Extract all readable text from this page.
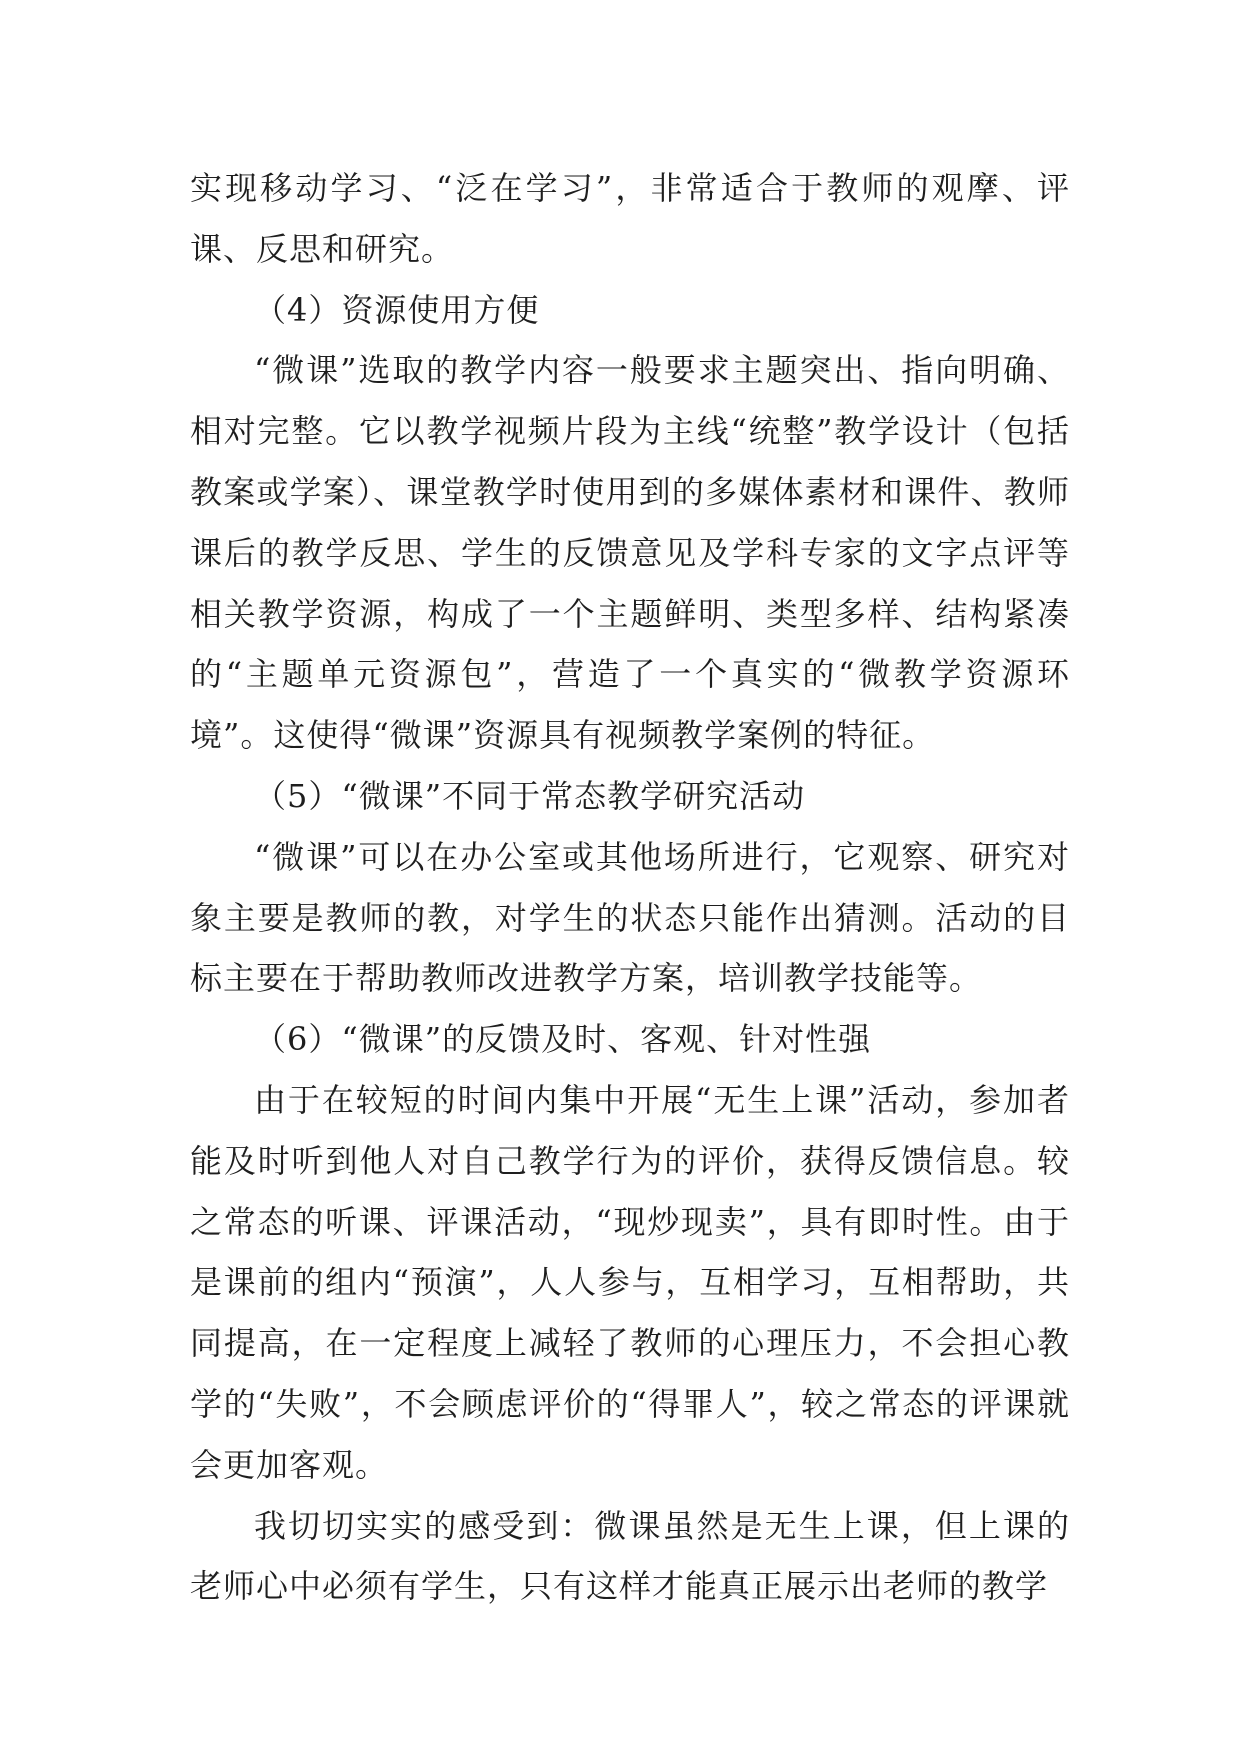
实现移动学习、“泛在学习”，非常适合于教师的观摩、评课、反思和研究。

（4）资源使用方便

“微课”选取的教学内容一般要求主题突出、指向明确、相对完整。它以教学视频片段为主线“统整”教学设计（包括教案或学案）、课堂教学时使用到的多媒体素材和课件、教师课后的教学反思、学生的反馈意见及学科专家的文字点评等相关教学资源，构成了一个主题鲜明、类型多样、结构紧凑的“主题单元资源包”，营造了一个真实的“微教学资源环境”。这使得“微课”资源具有视频教学案例的特征。

（5）“微课”不同于常态教学研究活动

“微课”可以在办公室或其他场所进行，它观察、研究对象主要是教师的教，对学生的状态只能作出猜测。活动的目标主要在于帮助教师改进教学方案，培训教学技能等。

（6）“微课”的反馈及时、客观、针对性强

由于在较短的时间内集中开展“无生上课”活动，参加者能及时听到他人对自己教学行为的评价，获得反馈信息。较之常态的听课、评课活动，“现炒现卖”，具有即时性。由于是课前的组内“预演”，人人参与，互相学习，互相帮助，共同提高，在一定程度上减轻了教师的心理压力，不会担心教学的“失败”，不会顾虑评价的“得罪人”，较之常态的评课就会更加客观。

我切切实实的感受到：微课虽然是无生上课，但上课的老师心中必须有学生，只有这样才能真正展示出老师的教学
